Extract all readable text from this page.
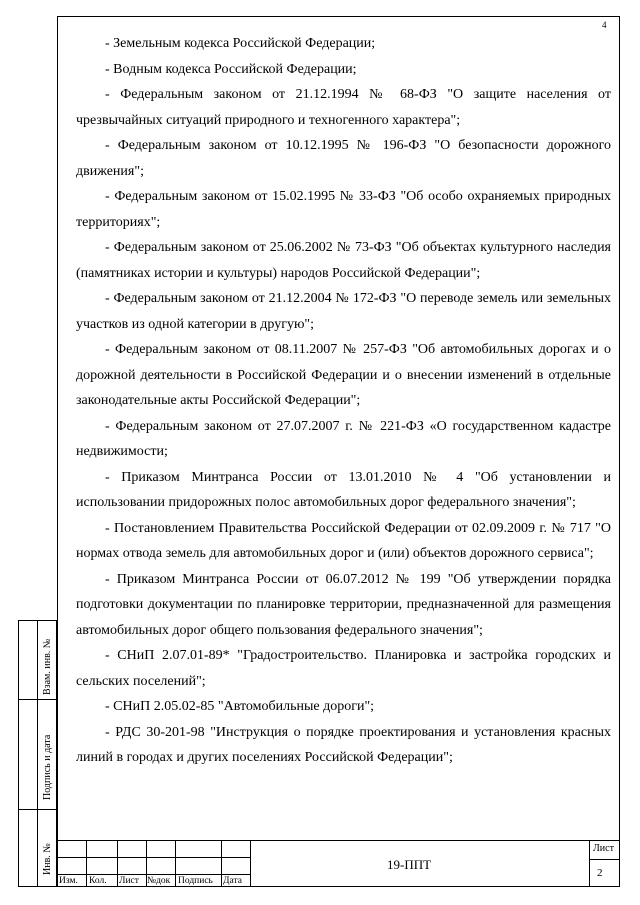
4

- Земельным кодекса Российской Федерации;

- Водным кодекса Российской Федерации;

- Федеральным законом от 21.12.1994 № 68-ФЗ "О защите населения от чрезвычайных ситуаций природного и техногенного характера";

- Федеральным законом от 10.12.1995 № 196-ФЗ "О безопасности дорожного движения";

- Федеральным законом от 15.02.1995 № 33-ФЗ "Об особо охраняемых природных территориях";

- Федеральным законом от 25.06.2002 № 73-ФЗ "Об объектах культурного наследия (памятниках истории и культуры) народов Российской Федерации";

- Федеральным законом от 21.12.2004 № 172-ФЗ "О переводе земель или земельных участков из одной категории в другую";

- Федеральным законом от 08.11.2007 № 257-ФЗ "Об автомобильных дорогах и о дорожной деятельности в Российской Федерации и о внесении изменений в отдельные законодательные акты Российской Федерации";

- Федеральным законом от 27.07.2007 г. № 221-ФЗ «О государственном кадастре недвижимости;

- Приказом Минтранса России от 13.01.2010 № 4 "Об установлении и использовании придорожных полос автомобильных дорог федерального значения";

- Постановлением Правительства Российской Федерации от 02.09.2009 г. № 717 "О нормах отвода земель для автомобильных дорог и (или) объектов дорожного сервиса";

- Приказом Минтранса России от 06.07.2012 № 199 "Об утверждении порядка подготовки документации по планировке территории, предназначенной для размещения автомобильных дорог общего пользования федерального значения";

- СНиП 2.07.01-89* "Градостроительство. Планировка и застройка городских и сельских поселений";

- СНиП 2.05.02-85 "Автомобильные дороги";

- РДС 30-201-98 "Инструкция о порядке проектирования и установления красных линий в городах и других поселениях Российской Федерации";

Взам. инв. №
Подпись и дата
Инв. №
Изм. Кол. Лист №док Подпись Дата
19-ППТ
Лист
2
